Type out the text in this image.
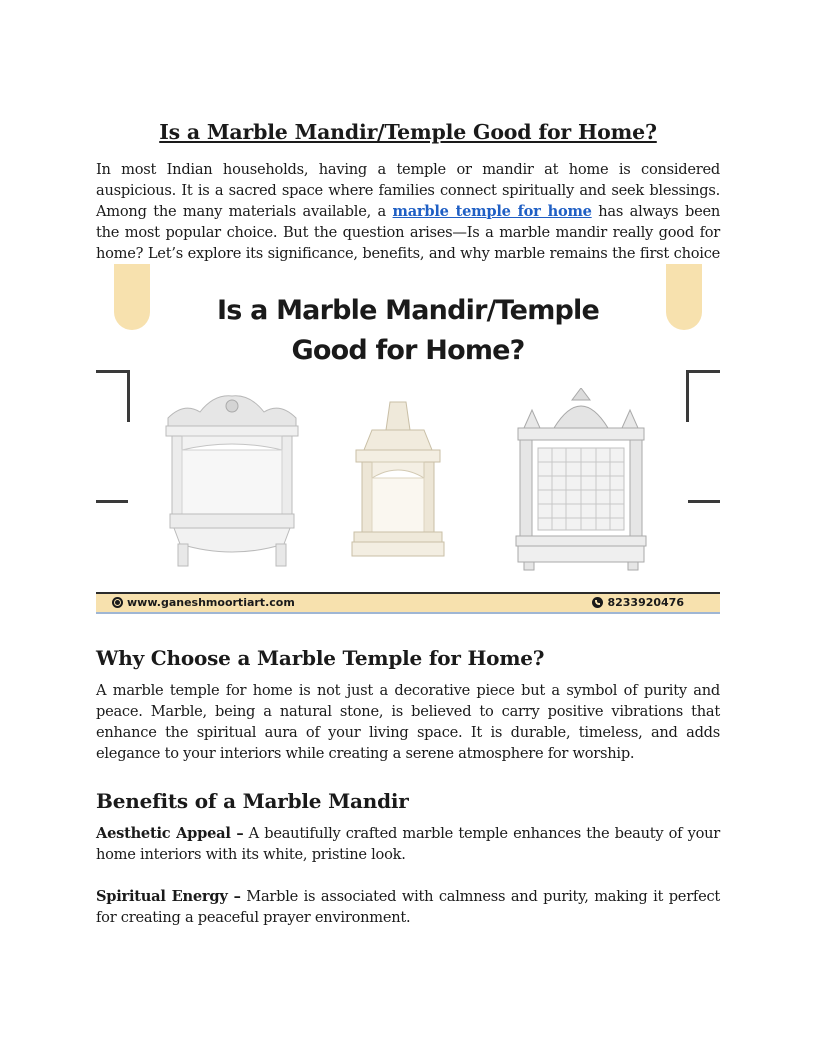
Is a Marble Mandir/Temple Good for Home?

In most Indian households, having a temple or mandir at home is considered auspicious. It is a sacred space where families connect spiritually and seek blessings. Among the many materials available, a marble temple for home has always been the most popular choice. But the question arises—Is a marble mandir really good for home? Let’s explore its significance, benefits, and why marble remains the first choice

Is a Marble Mandir/Temple
Good for Home?
www.ganeshmoortiart.com	8233920476
Why Choose a Marble Temple for Home?

A marble temple for home is not just a decorative piece but a symbol of purity and peace. Marble, being a natural stone, is believed to carry positive vibrations that enhance the spiritual aura of your living space. It is durable, timeless, and adds elegance to your interiors while creating a serene atmosphere for worship.

Benefits of a Marble Mandir

Aesthetic Appeal – A beautifully crafted marble temple enhances the beauty of your home interiors with its white, pristine look.

Spiritual Energy – Marble is associated with calmness and purity, making it perfect for creating a peaceful prayer environment.
